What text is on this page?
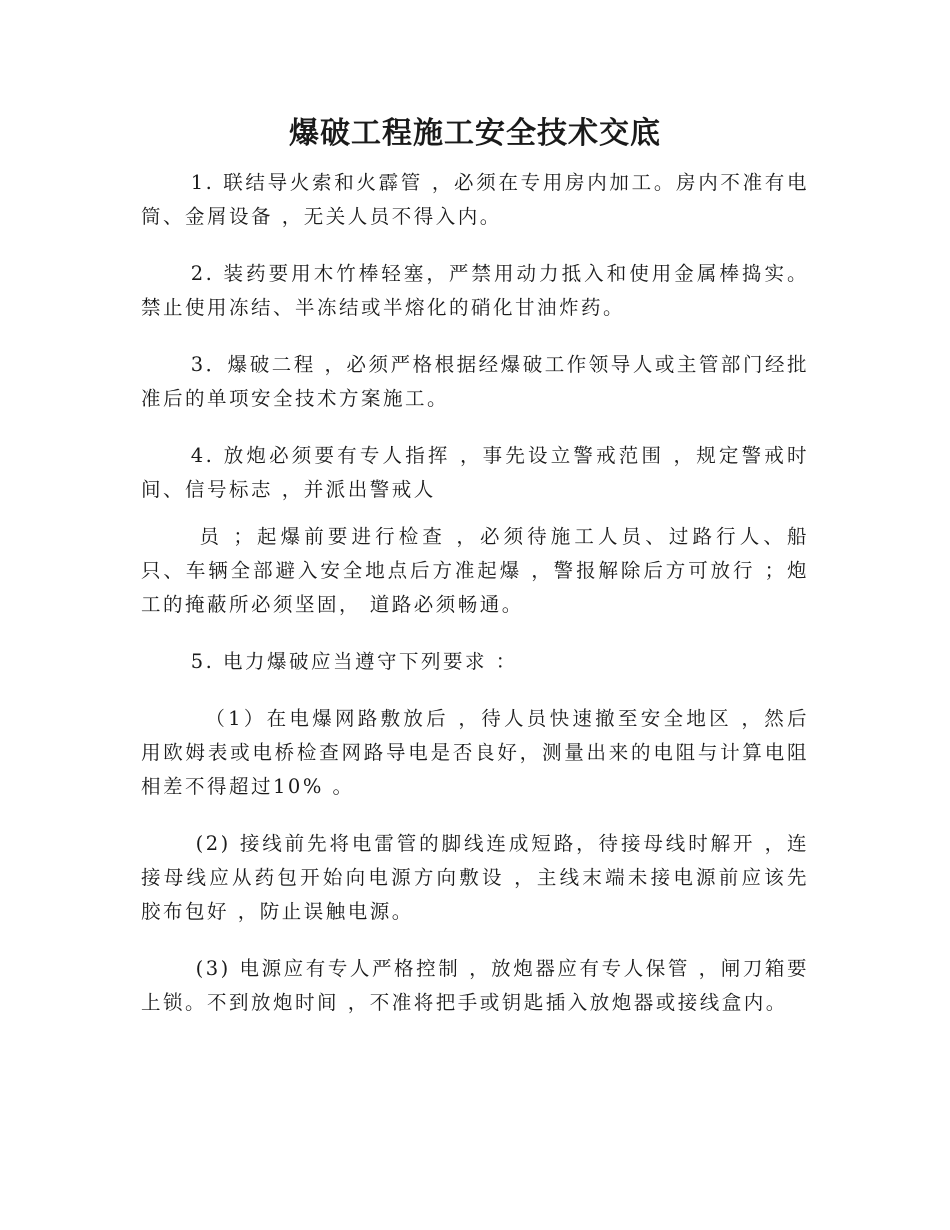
爆破工程施工安全技术交底

1. 联结导火索和火霹管 ，必须在专用房内加工。房内不准有电筒、金屑设备 ，无关人员不得入内。

2. 装药要用木竹棒轻塞，严禁用动力抵入和使用金属棒捣实。禁止使用冻结、半冻结或半熔化的硝化甘油炸药。

3．爆破二程 ，必须严格根据经爆破工作领导人或主管部门经批准后的单项安全技术方案施工。

4. 放炮必须要有专人指挥 ，事先设立警戒范围 ，规定警戒时间、信号标志 ，并派出警戒人

员 ；起爆前要进行检查 ，必须待施工人员、过路行人、船只、车辆全部避入安全地点后方准起爆 ，警报解除后方可放行 ；炮工的掩蔽所必须坚固， 道路必须畅通。

5. 电力爆破应当遵守下列要求 ：

（1）在电爆网路敷放后 ，待人员快速撤至安全地区 ，然后用欧姆表或电桥检查网路导电是否良好，测量出来的电阻与计算电阻相差不得超过10% 。

(2) 接线前先将电雷管的脚线连成短路，待接母线时解开 ，连接母线应从药包开始向电源方向敷设 ，主线末端未接电源前应该先胶布包好 ，防止误触电源。

(3) 电源应有专人严格控制 ，放炮器应有专人保管 ，闸刀箱要上锁。不到放炮时间 ，不准将把手或钥匙插入放炮器或接线盒内。
